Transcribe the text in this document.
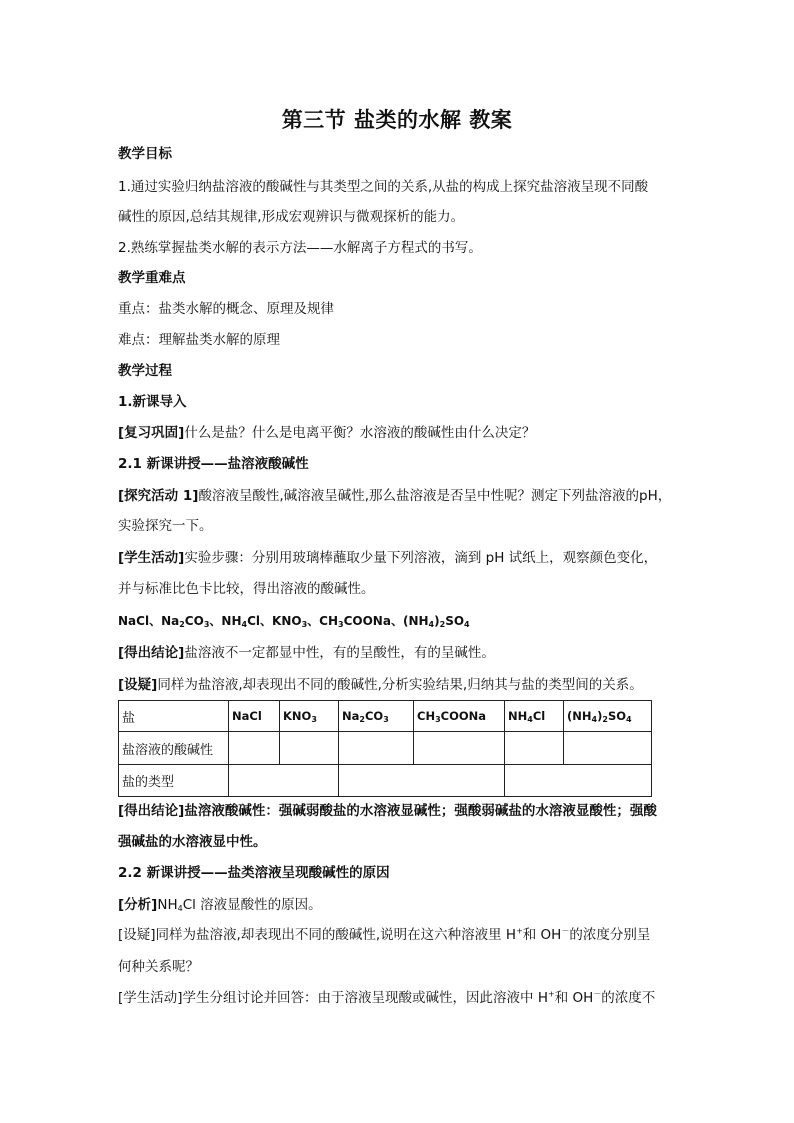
第三节 盐类的水解 教案
教学目标
1.通过实验归纳盐溶液的酸碱性与其类型之间的关系,从盐的构成上探究盐溶液呈现不同酸
碱性的原因,总结其规律,形成宏观辨识与微观探析的能力。
2.熟练掌握盐类水解的表示方法——水解离子方程式的书写。
教学重难点
重点：盐类水解的概念、原理及规律
难点：理解盐类水解的原理
教学过程
1.新课导入
[复习巩固]什么是盐？什么是电离平衡？水溶液的酸碱性由什么决定？
2.1 新课讲授——盐溶液酸碱性
[探究活动 1]酸溶液呈酸性,碱溶液呈碱性,那么盐溶液是否呈中性呢？测定下列盐溶液的pH，
实验探究一下。
[学生活动]实验步骤：分别用玻璃棒蘸取少量下列溶液，滴到 pH 试纸上，观察颜色变化，
并与标准比色卡比较，得出溶液的酸碱性。
NaCl、$Na_2CO_3$、$NH_4Cl$、$KNO_3$、$CH_3COONa$、$(NH_4)_2SO_4$
[得出结论]盐溶液不一定都显中性，有的呈酸性，有的呈碱性。
[设疑]同样为盐溶液,却表现出不同的酸碱性,分析实验结果,归纳其与盐的类型间的关系。
盐	NaCl	$KNO_3$	$Na_2CO_3$	$CH_3COONa$	$NH_4Cl$	$(NH_4)_2SO_4$
盐溶液的酸碱性						
盐的类型						
[得出结论]盐溶液酸碱性：强碱弱酸盐的水溶液显碱性；强酸弱碱盐的水溶液显酸性；强酸
强碱盐的水溶液显中性。
2.2 新课讲授——盐类溶液呈现酸碱性的原因
[分析]$NH_4Cl$ 溶液显酸性的原因。
[设疑]同样为盐溶液,却表现出不同的酸碱性,说明在这六种溶液里 H+和 OH－的浓度分别呈
何种关系呢？
[学生活动]学生分组讨论并回答：由于溶液呈现酸或碱性，因此溶液中 H+和 OH－的浓度不
